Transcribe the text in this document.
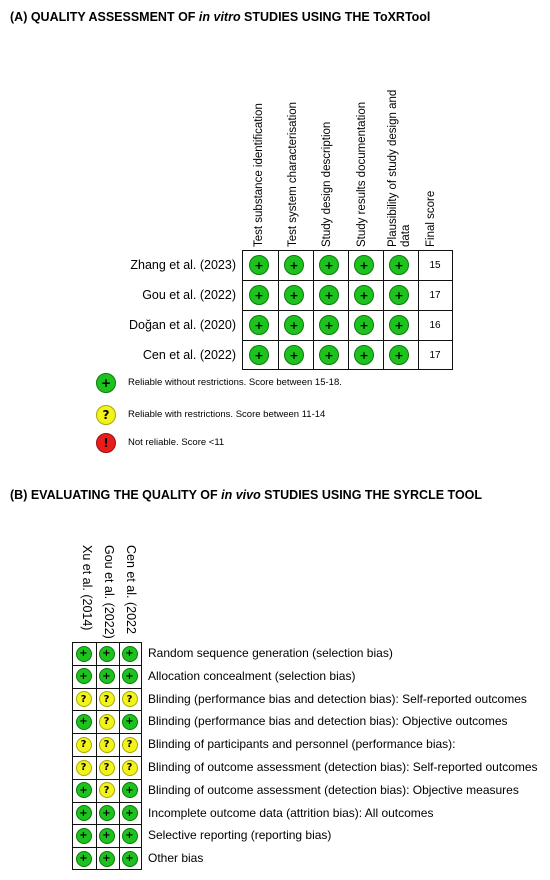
(A) QUALITY ASSESSMENT OF in vitro STUDIES USING THE ToXRTool
Test substance identification Test system characterisation Study design description Study results documentation Plausibility of study design and data Final score
Zhang et al. (2023)	+	+	+	+	+	15
Gou et al. (2022)	+	+	+	+	+	17
Doğan et al. (2020)	+	+	+	+	+	16
Cen et al. (2022)	+	+	+	+	+	17
+	Reliable without restrictions. Score between 15-18.
?	Reliable with restrictions. Score between 11-14
!	Not reliable. Score <11
(B) EVALUATING THE QUALITY OF in vivo STUDIES USING THE SYRCLE TOOL
Xu et al. (2014) Gou et al. (2022) Cen et al. (2022
+	+	+	Random sequence generation (selection bias)
+	+	+	Allocation concealment (selection bias)
?	?	?	Blinding (performance bias and detection bias): Self-reported outcomes
+	?	+	Blinding (performance bias and detection bias): Objective outcomes
?	?	?	Blinding of participants and personnel (performance bias):
?	?	?	Blinding of outcome assessment (detection bias): Self-reported outcomes
+	?	+	Blinding of outcome assessment (detection bias): Objective measures
+	+	+	Incomplete outcome data (attrition bias): All outcomes
+	+	+	Selective reporting (reporting bias)
+	+	+	Other bias
